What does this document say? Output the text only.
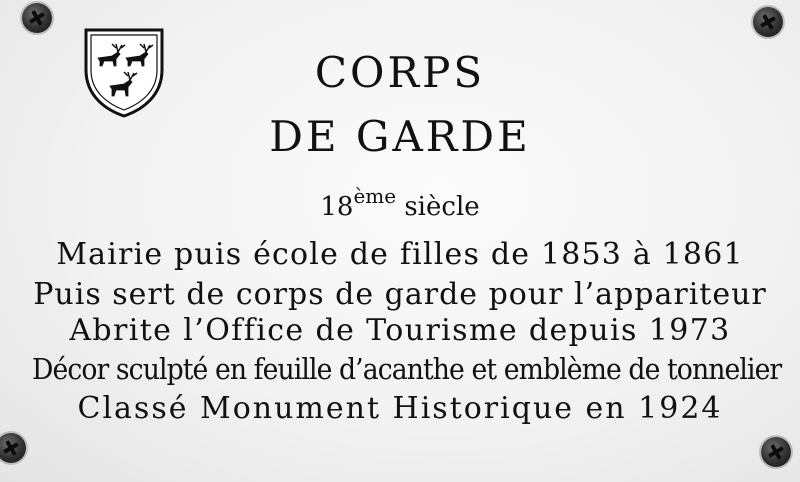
CORPS
DE GARDE
18ème siècle
Mairie puis école de filles de 1853 à 1861
Puis sert de corps de garde pour l’appariteur
Abrite l’Office de Tourisme depuis 1973
Décor sculpté en feuille d’acanthe et emblème de tonnelier
Classé Monument Historique en 1924
